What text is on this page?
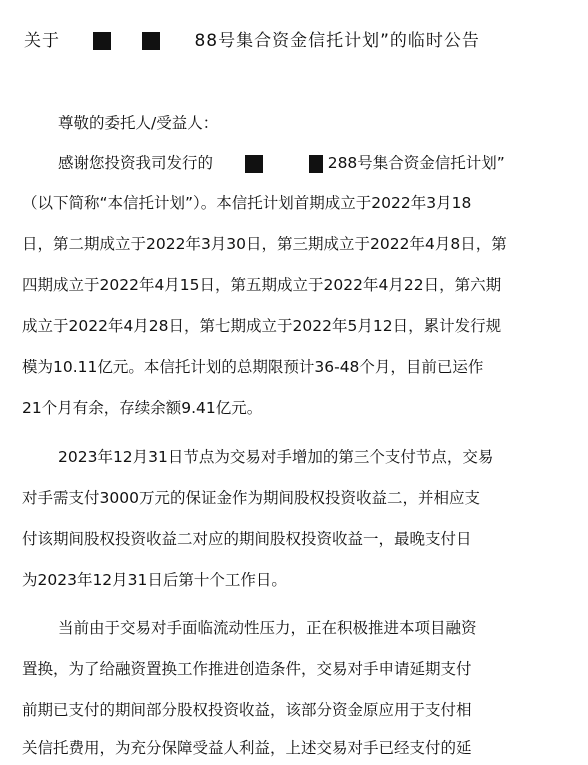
关于	88号集合资金信托计划”的临时公告
尊敬的委托人/受益人：
感谢您投资我司发行的	288号集合资金信托计划”
（以下简称“本信托计划”）。本信托计划首期成立于2022年3月18
日，第二期成立于2022年3月30日，第三期成立于2022年4月8日，第
四期成立于2022年4月15日，第五期成立于2022年4月22日，第六期
成立于2022年4月28日，第七期成立于2022年5月12日，累计发行规
模为10.11亿元。本信托计划的总期限预计36-48个月，目前已运作
21个月有余，存续余额9.41亿元。
2023年12月31日节点为交易对手增加的第三个支付节点，交易
对手需支付3000万元的保证金作为期间股权投资收益二，并相应支
付该期间股权投资收益二对应的期间股权投资收益一，最晚支付日
为2023年12月31日后第十个工作日。
当前由于交易对手面临流动性压力，正在积极推进本项目融资
置换，为了给融资置换工作推进创造条件，交易对手申请延期支付
前期已支付的期间部分股权投资收益，该部分资金原应用于支付相
关信托费用，为充分保障受益人利益，上述交易对手已经支付的延
